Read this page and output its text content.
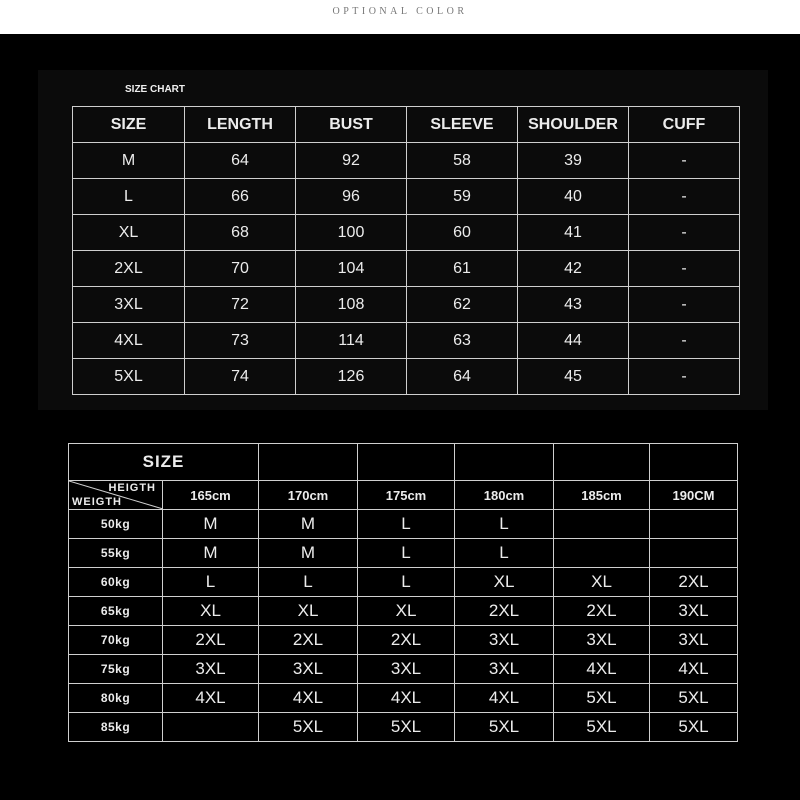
OPTIONAL COLOR
SIZE CHART
SIZE	LENGTH	BUST	SLEEVE	SHOULDER	CUFF
M	64	92	58	39	-
L	66	96	59	40	-
XL	68	100	60	41	-
2XL	70	104	61	42	-
3XL	72	108	62	43	-
4XL	73	114	63	44	-
5XL	74	126	64	45	-
SIZE						

HEIGTH
WEIGTH	165cm	170cm	175cm	180cm	185cm	190CM
50kg	M	M	L	L		
55kg	M	M	L	L		
60kg	L	L	L	XL	XL	2XL
65kg	XL	XL	XL	2XL	2XL	3XL
70kg	2XL	2XL	2XL	3XL	3XL	3XL
75kg	3XL	3XL	3XL	3XL	4XL	4XL
80kg	4XL	4XL	4XL	4XL	5XL	5XL
85kg		5XL	5XL	5XL	5XL	5XL
